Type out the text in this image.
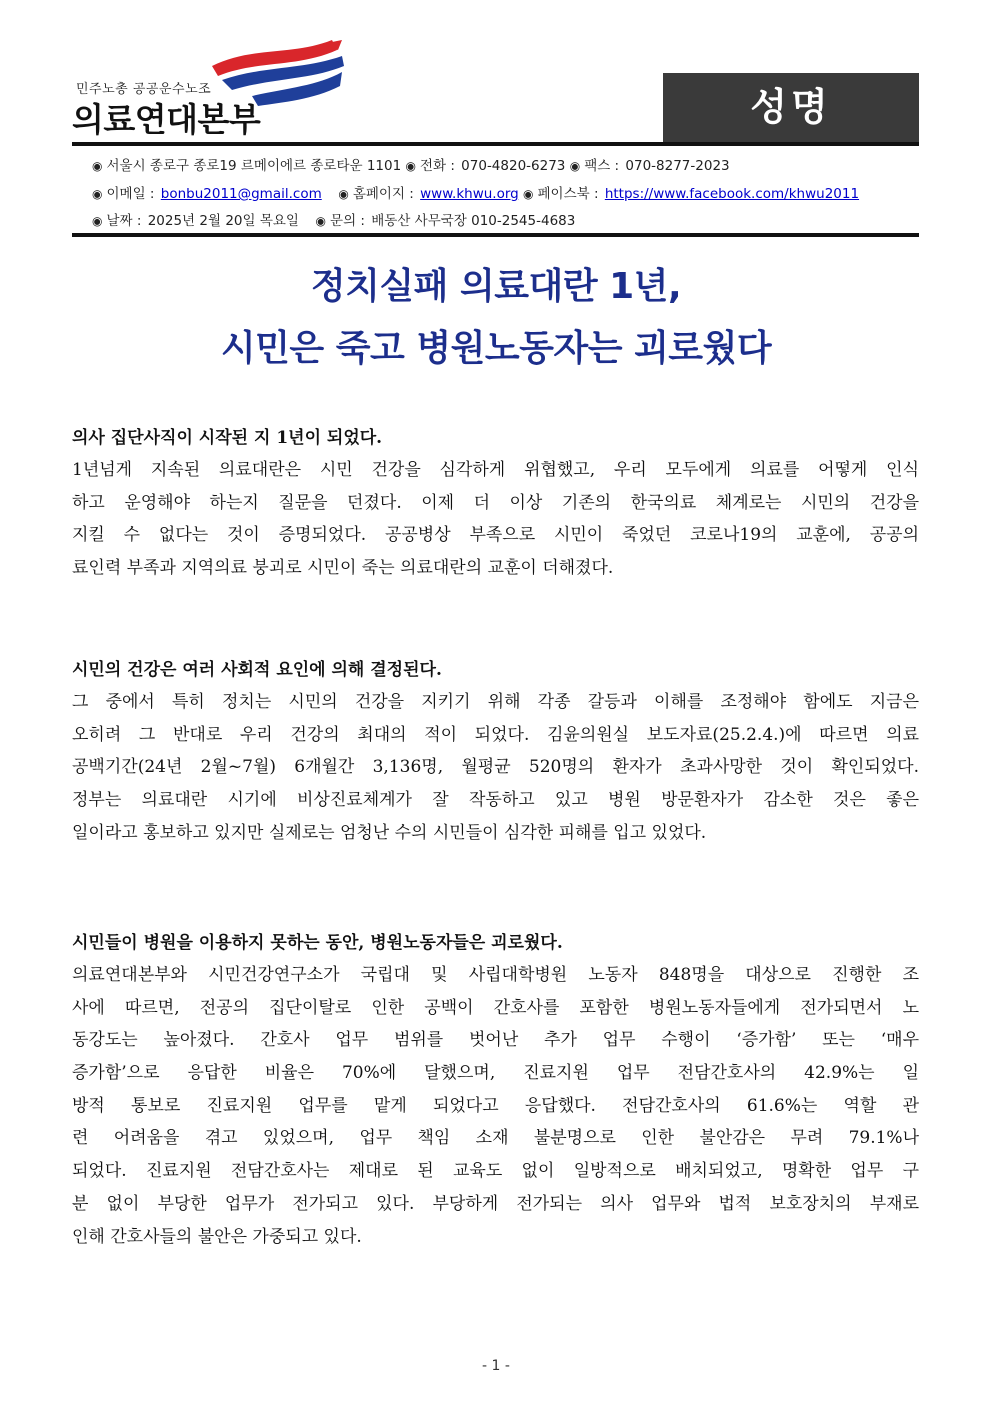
민주노총 공공운수노조
의료연대본부	성명
◉ 서울시 종로구 종로19 르메이에르 종로타운 1101 ◉ 전화 : 070-4820-6273 ◉ 팩스 : 070-8277-2023
◉ 이메일 : bonbu2011@gmail.com ◉ 홈페이지 : www.khwu.org ◉ 페이스북 : https://www.facebook.com/khwu2011
◉ 날짜 : 2025년 2월 20일 목요일 ◉ 문의 : 배동산 사무국장 010-2545-4683
정치실패 의료대란 1년,
시민은 죽고 병원노동자는 괴로웠다
의사 집단사직이 시작된 지 1년이 되었다.
1년넘게 지속된 의료대란은 시민 건강을 심각하게 위협했고, 우리 모두에게 의료를 어떻게 인식
하고 운영해야 하는지 질문을 던졌다. 이제 더 이상 기존의 한국의료 체계로는 시민의 건강을
지킬 수 없다는 것이 증명되었다. 공공병상 부족으로 시민이 죽었던 코로나19의 교훈에, 공공의
료인력 부족과 지역의료 붕괴로 시민이 죽는 의료대란의 교훈이 더해졌다.
시민의 건강은 여러 사회적 요인에 의해 결정된다.
그 중에서 특히 정치는 시민의 건강을 지키기 위해 각종 갈등과 이해를 조정해야 함에도 지금은
오히려 그 반대로 우리 건강의 최대의 적이 되었다. 김윤의원실 보도자료(25.2.4.)에 따르면 의료
공백기간(24년 2월~7월) 6개월간 3,136명, 월평균 520명의 환자가 초과사망한 것이 확인되었다.
정부는 의료대란 시기에 비상진료체계가 잘 작동하고 있고 병원 방문환자가 감소한 것은 좋은
일이라고 홍보하고 있지만 실제로는 엄청난 수의 시민들이 심각한 피해를 입고 있었다.
시민들이 병원을 이용하지 못하는 동안, 병원노동자들은 괴로웠다.
의료연대본부와 시민건강연구소가 국립대 및 사립대학병원 노동자 848명을 대상으로 진행한 조
사에 따르면, 전공의 집단이탈로 인한 공백이 간호사를 포함한 병원노동자들에게 전가되면서 노
동강도는 높아졌다. 간호사 업무 범위를 벗어난 추가 업무 수행이 ‘증가함’ 또는 ‘매우
증가함’으로 응답한 비율은 70%에 달했으며, 진료지원 업무 전담간호사의 42.9%는 일
방적 통보로 진료지원 업무를 맡게 되었다고 응답했다. 전담간호사의 61.6%는 역할 관
련 어려움을 겪고 있었으며, 업무 책임 소재 불분명으로 인한 불안감은 무려 79.1%나
되었다. 진료지원 전담간호사는 제대로 된 교육도 없이 일방적으로 배치되었고, 명확한 업무 구
분 없이 부당한 업무가 전가되고 있다. 부당하게 전가되는 의사 업무와 법적 보호장치의 부재로
인해 간호사들의 불안은 가중되고 있다.
- 1 -
